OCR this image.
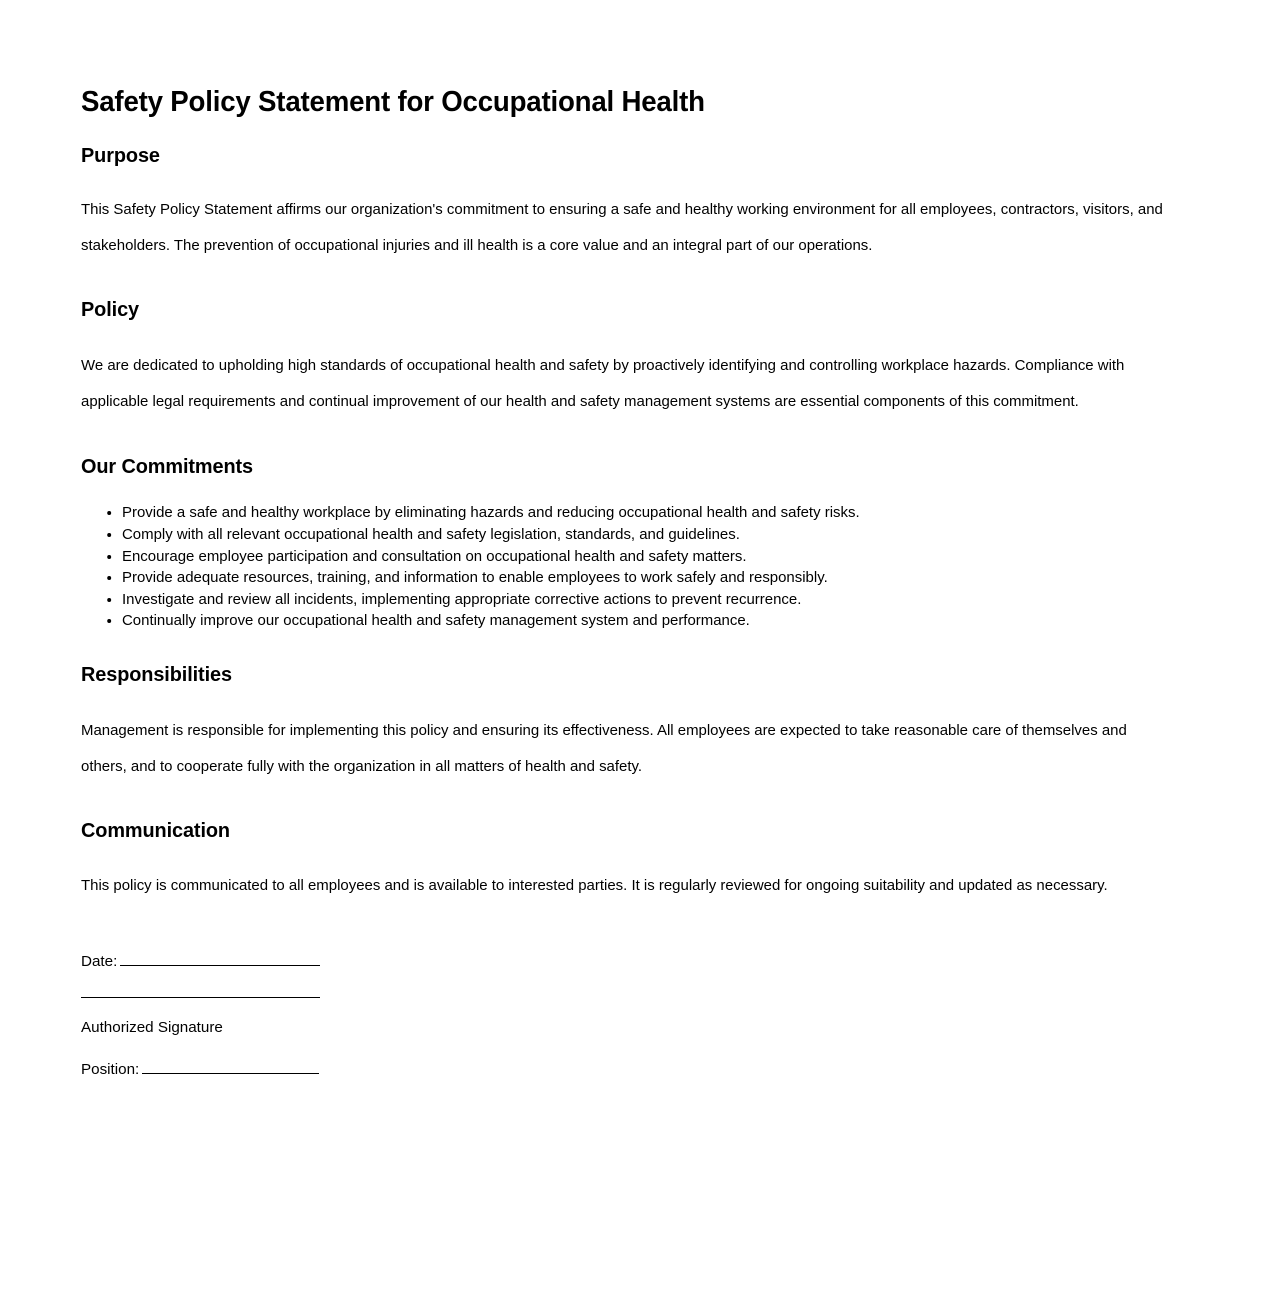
Safety Policy Statement for Occupational Health
Purpose

This Safety Policy Statement affirms our organization's commitment to ensuring a safe and healthy working environment for all employees, contractors, visitors, and stakeholders. The prevention of occupational injuries and ill health is a core value and an integral part of our operations.

Policy

We are dedicated to upholding high standards of occupational health and safety by proactively identifying and controlling workplace hazards. Compliance with applicable legal requirements and continual improvement of our health and safety management systems are essential components of this commitment.

Our Commitments
• Provide a safe and healthy workplace by eliminating hazards and reducing occupational health and safety risks.
• Comply with all relevant occupational health and safety legislation, standards, and guidelines.
• Encourage employee participation and consultation on occupational health and safety matters.
• Provide adequate resources, training, and information to enable employees to work safely and responsibly.
• Investigate and review all incidents, implementing appropriate corrective actions to prevent recurrence.
• Continually improve our occupational health and safety management system and performance.
Responsibilities

Management is responsible for implementing this policy and ensuring its effectiveness. All employees are expected to take reasonable care of themselves and others, and to cooperate fully with the organization in all matters of health and safety.

Communication

This policy is communicated to all employees and is available to interested parties. It is regularly reviewed for ongoing suitability and updated as necessary.

Date:

Authorized Signature

Position:
